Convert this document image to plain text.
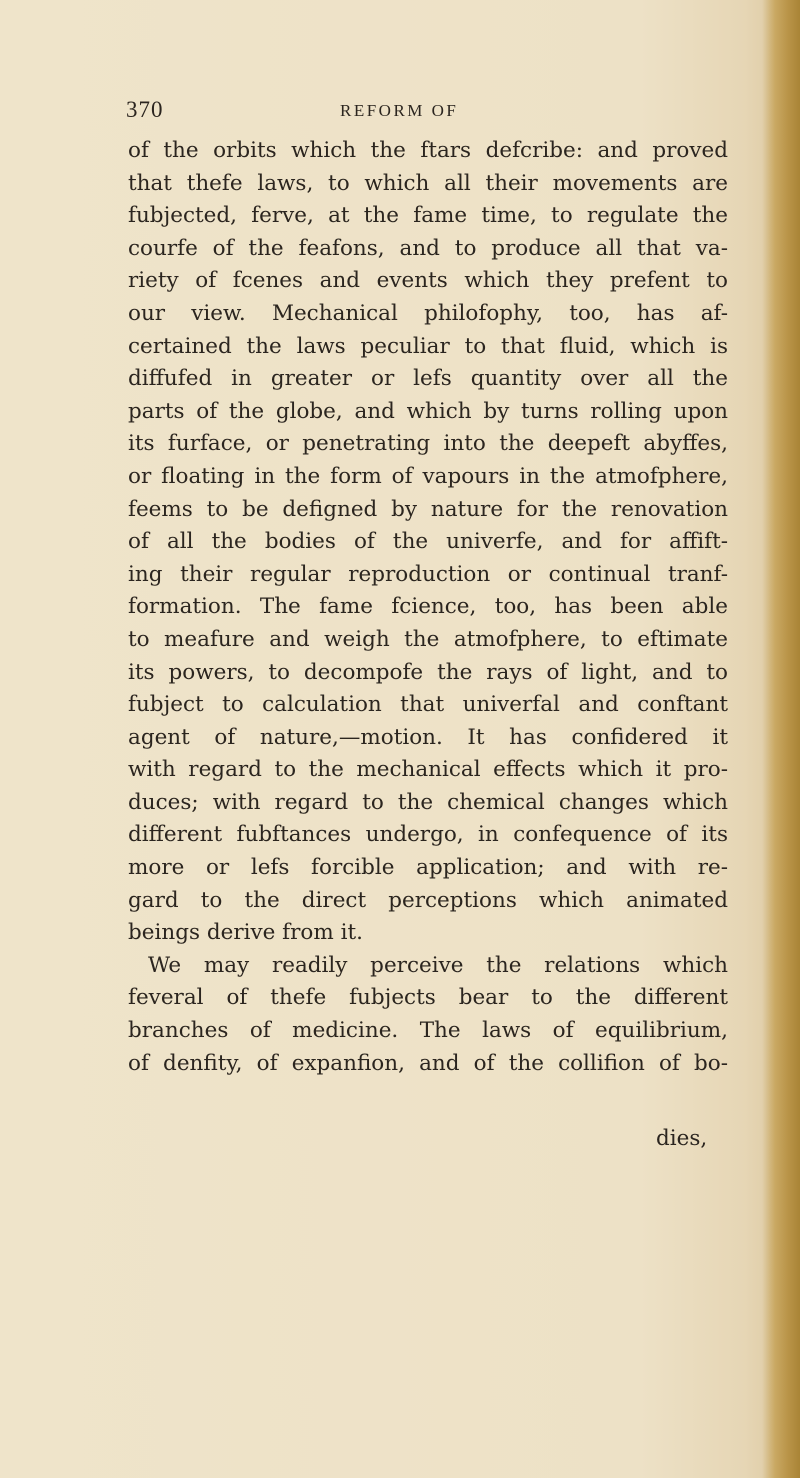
370	REFORM OF
of the orbits which the ftars defcribe: and proved
that thefe laws, to which all their movements are
fubjected, ferve, at the fame time, to regulate the
courfe of the feafons, and to produce all that va-
riety of fcenes and events which they prefent to
our view. Mechanical philofophy, too, has af-
certained the laws peculiar to that fluid, which is
diffufed in greater or lefs quantity over all the
parts of the globe, and which by turns rolling upon
its furface, or penetrating into the deepeft abyffes,
or floating in the form of vapours in the atmofphere,
feems to be defigned by nature for the renovation
of all the bodies of the univerfe, and for affift-
ing their regular reproduction or continual tranf-
formation. The fame fcience, too, has been able
to meafure and weigh the atmofphere, to eftimate
its powers, to decompofe the rays of light, and to
fubject to calculation that univerfal and conftant
agent of nature,—motion. It has confidered it
with regard to the mechanical effects which it pro-
duces; with regard to the chemical changes which
different fubftances undergo, in confequence of its
more or lefs forcible application; and with re-
gard to the direct perceptions which animated
beings derive from it.
We may readily perceive the relations which
feveral of thefe fubjects bear to the different
branches of medicine. The laws of equilibrium,
of denfity, of expanfion, and of the collifion of bo-
dies,
